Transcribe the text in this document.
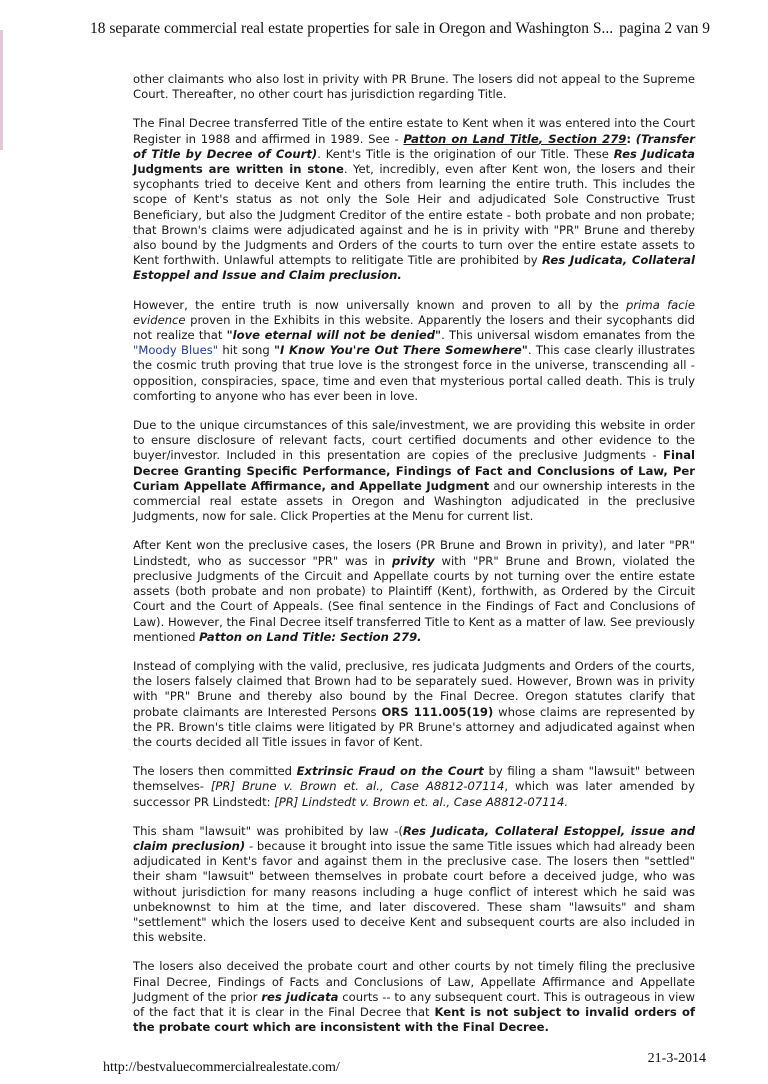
18 separate commercial real estate properties for sale in Oregon and Washington S... pagina 2 van 9

other claimants who also lost in privity with PR Brune. The losers did not appeal to the Supreme Court. Thereafter, no other court has jurisdiction regarding Title.

The Final Decree transferred Title of the entire estate to Kent when it was entered into the Court Register in 1988 and affirmed in 1989. See - Patton on Land Title, Section 279: (Transfer of Title by Decree of Court). Kent's Title is the origination of our Title. These Res Judicata Judgments are written in stone. Yet, incredibly, even after Kent won, the losers and their sycophants tried to deceive Kent and others from learning the entire truth. This includes the scope of Kent's status as not only the Sole Heir and adjudicated Sole Constructive Trust Beneficiary, but also the Judgment Creditor of the entire estate - both probate and non probate; that Brown's claims were adjudicated against and he is in privity with "PR" Brune and thereby also bound by the Judgments and Orders of the courts to turn over the entire estate assets to Kent forthwith. Unlawful attempts to relitigate Title are prohibited by Res Judicata, Collateral Estoppel and Issue and Claim preclusion.

However, the entire truth is now universally known and proven to all by the prima facie evidence proven in the Exhibits in this website. Apparently the losers and their sycophants did not realize that "love eternal will not be denied". This universal wisdom emanates from the "Moody Blues" hit song "I Know You're Out There Somewhere". This case clearly illustrates the cosmic truth proving that true love is the strongest force in the universe, transcending all - opposition, conspiracies, space, time and even that mysterious portal called death. This is truly comforting to anyone who has ever been in love.

Due to the unique circumstances of this sale/investment, we are providing this website in order to ensure disclosure of relevant facts, court certified documents and other evidence to the buyer/investor. Included in this presentation are copies of the preclusive Judgments - Final Decree Granting Specific Performance, Findings of Fact and Conclusions of Law, Per Curiam Appellate Affirmance, and Appellate Judgment and our ownership interests in the commercial real estate assets in Oregon and Washington adjudicated in the preclusive Judgments, now for sale. Click Properties at the Menu for current list.

After Kent won the preclusive cases, the losers (PR Brune and Brown in privity), and later "PR" Lindstedt, who as successor "PR" was in privity with "PR" Brune and Brown, violated the preclusive Judgments of the Circuit and Appellate courts by not turning over the entire estate assets (both probate and non probate) to Plaintiff (Kent), forthwith, as Ordered by the Circuit Court and the Court of Appeals. (See final sentence in the Findings of Fact and Conclusions of Law). However, the Final Decree itself transferred Title to Kent as a matter of law. See previously mentioned Patton on Land Title: Section 279.

Instead of complying with the valid, preclusive, res judicata Judgments and Orders of the courts, the losers falsely claimed that Brown had to be separately sued. However, Brown was in privity with "PR" Brune and thereby also bound by the Final Decree. Oregon statutes clarify that probate claimants are Interested Persons ORS 111.005(19) whose claims are represented by the PR. Brown's title claims were litigated by PR Brune's attorney and adjudicated against when the courts decided all Title issues in favor of Kent.

The losers then committed Extrinsic Fraud on the Court by filing a sham "lawsuit" between themselves- [PR] Brune v. Brown et. al., Case A8812-07114, which was later amended by successor PR Lindstedt: [PR] Lindstedt v. Brown et. al., Case A8812-07114.

This sham "lawsuit" was prohibited by law -(Res Judicata, Collateral Estoppel, issue and claim preclusion) - because it brought into issue the same Title issues which had already been adjudicated in Kent's favor and against them in the preclusive case. The losers then "settled" their sham "lawsuit" between themselves in probate court before a deceived judge, who was without jurisdiction for many reasons including a huge conflict of interest which he said was unbeknownst to him at the time, and later discovered. These sham "lawsuits" and sham "settlement" which the losers used to deceive Kent and subsequent courts are also included in this website.

The losers also deceived the probate court and other courts by not timely filing the preclusive Final Decree, Findings of Facts and Conclusions of Law, Appellate Affirmance and Appellate Judgment of the prior res judicata courts -- to any subsequent court. This is outrageous in view of the fact that it is clear in the Final Decree that Kent is not subject to invalid orders of the probate court which are inconsistent with the Final Decree.

http://bestvaluecommercialrealestate.com/
21-3-2014
